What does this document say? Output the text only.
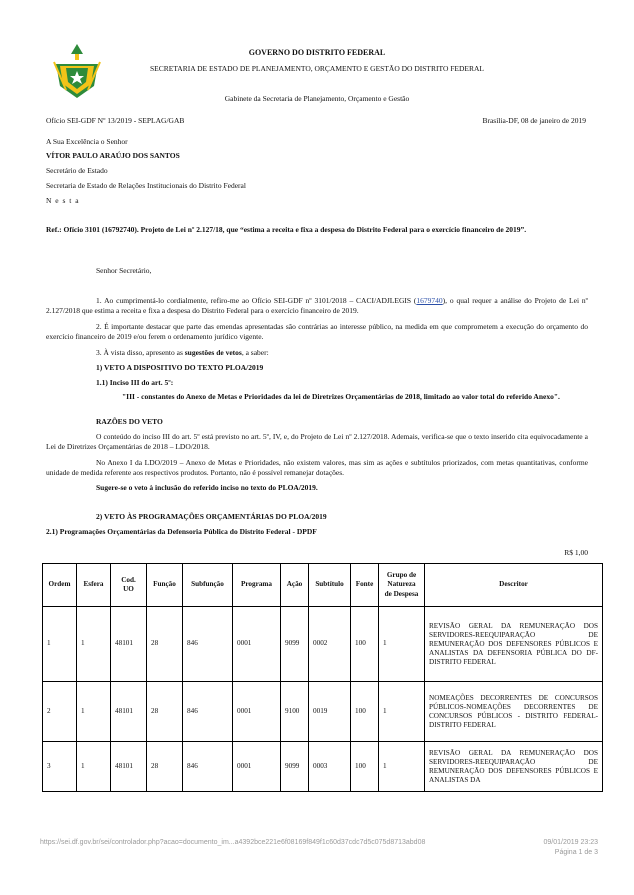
GOVERNO DO DISTRITO FEDERAL
SECRETARIA DE ESTADO DE PLANEJAMENTO, ORÇAMENTO E GESTÃO DO DISTRITO FEDERAL
Gabinete da Secretaria de Planejamento, Orçamento e Gestão
Ofício SEI-GDF Nº 13/2019 - SEPLAG/GAB	Brasília-DF, 08 de janeiro de 2019
A Sua Excelência o Senhor
VÍTOR PAULO ARAÚJO DOS SANTOS
Secretário de Estado
Secretaria de Estado de Relações Institucionais do Distrito Federal
N e s t a
Ref.: Ofício 3101 (16792740). Projeto de Lei nº 2.127/18, que “estima a receita e fixa a despesa do Distrito Federal para o exercício financeiro de 2019”.
Senhor Secretário,
1. Ao cumprimentá-lo cordialmente, refiro-me ao Ofício SEI-GDF nº 3101/2018 – CACI/ADJLEGIS (1679740), o qual requer a análise do Projeto de Lei nº 2.127/2018 que estima a receita e fixa a despesa do Distrito Federal para o exercício financeiro de 2019.
2. É importante destacar que parte das emendas apresentadas são contrárias ao interesse público, na medida em que comprometem a execução do orçamento do exercício financeiro de 2019 e/ou ferem o ordenamento jurídico vigente.
3. À vista disso, apresento as sugestões de vetos, a saber:
1) VETO A DISPOSITIVO DO TEXTO PLOA/2019
1.1) Inciso III do art. 5º:
"III - constantes do Anexo de Metas e Prioridades da lei de Diretrizes Orçamentárias de 2018, limitado ao valor total do referido Anexo".
RAZÕES DO VETO
O conteúdo do inciso III do art. 5º está previsto no art. 5º, IV, e, do Projeto de Lei nº 2.127/2018. Ademais, verifica-se que o texto inserido cita equivocadamente a Lei de Diretrizes Orçamentárias de 2018 – LDO/2018.
No Anexo I da LDO/2019 – Anexo de Metas e Prioridades, não existem valores, mas sim as ações e subtítulos priorizados, com metas quantitativas, conforme unidade de medida referente aos respectivos produtos. Portanto, não é possível remanejar dotações.
Sugere-se o veto à inclusão do referido inciso no texto do PLOA/2019.
2) VETO ÀS PROGRAMAÇÕES ORÇAMENTÁRIAS DO PLOA/2019
2.1) Programações Orçamentárias da Defensoria Pública do Distrito Federal - DPDF
R$ 1,00
Ordem	Esfera	Cod. UO	Função	Subfunção	Programa	Ação	Subtítulo	Fonte	Grupo de Natureza de Despesa	Descritor
1	1	48101	28	846	0001	9099	0002	100	1	REVISÃO GERAL DA REMUNERAÇÃO DOS SERVIDORES-REEQUIPARAÇÃO DE REMUNERAÇÃO DOS DEFENSORES PÚBLICOS E ANALISTAS DA DEFENSORIA PÚBLICA DO DF-DISTRITO FEDERAL
2	1	48101	28	846	0001	9100	0019	100	1	NOMEAÇÕES DECORRENTES DE CONCURSOS PÚBLICOS-NOMEAÇÕES DECORRENTES DE CONCURSOS PÚBLICOS - DISTRITO FEDERAL-DISTRITO FEDERAL
3	1	48101	28	846	0001	9099	0003	100	1	REVISÃO GERAL DA REMUNERAÇÃO DOS SERVIDORES-REEQUIPARAÇÃO DE REMUNERAÇÃO DOS DEFENSORES PÚBLICOS E ANALISTAS DA
https://sei.df.gov.br/sei/controlador.php?acao=documento_im...a4392bce221e6f08169f849f1c60d37cdc7d5c075d8713abd08	09/01/2019 23:23
Página 1 de 3
